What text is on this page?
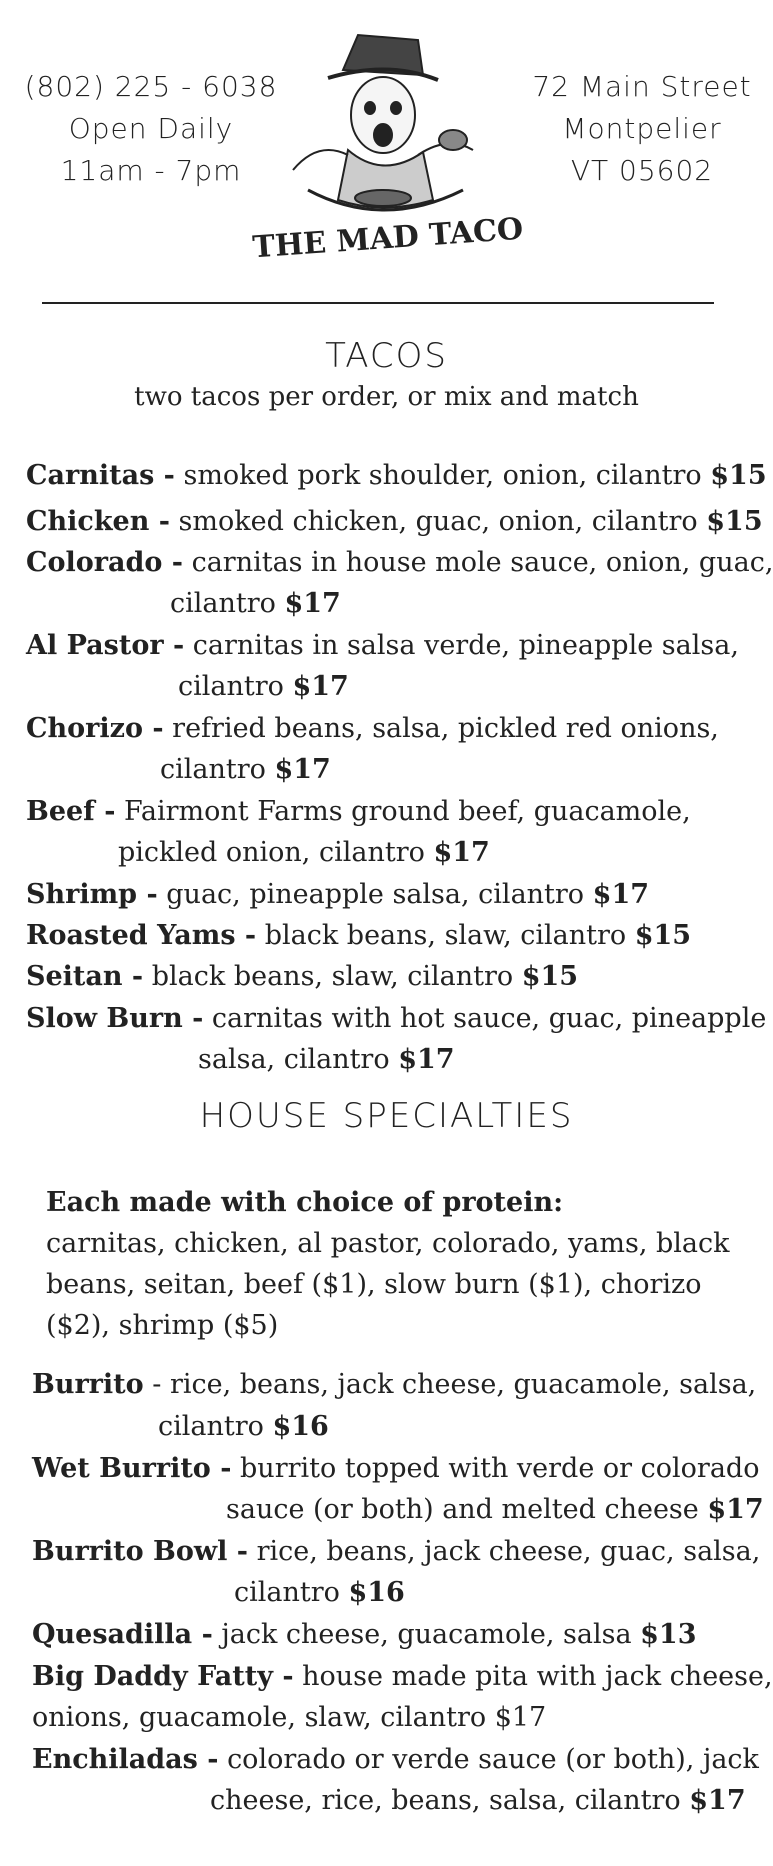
(802) 225 - 6038
Open Daily
11am - 7pm
THE MAD TACO
72 Main Street
Montpelier
VT 05602
TACOS
two tacos per order, or mix and match
Carnitas - smoked pork shoulder, onion, cilantro $15
Chicken - smoked chicken, guac, onion, cilantro $15
Colorado - carnitas in house mole sauce, onion, guac,
cilantro $17
Al Pastor - carnitas in salsa verde, pineapple salsa,
cilantro $17
Chorizo - refried beans, salsa, pickled red onions,
cilantro $17
Beef - Fairmont Farms ground beef, guacamole,
pickled onion, cilantro $17
Shrimp - guac, pineapple salsa, cilantro $17
Roasted Yams - black beans, slaw, cilantro $15
Seitan - black beans, slaw, cilantro $15
Slow Burn - carnitas with hot sauce, guac, pineapple
salsa, cilantro $17
HOUSE SPECIALTIES
Each made with choice of protein:
carnitas, chicken, al pastor, colorado, yams, black
beans, seitan, beef ($1), slow burn ($1), chorizo
($2), shrimp ($5)
Burrito - rice, beans, jack cheese, guacamole, salsa,
cilantro $16
Wet Burrito - burrito topped with verde or colorado
sauce (or both) and melted cheese $17
Burrito Bowl - rice, beans, jack cheese, guac, salsa,
cilantro $16
Quesadilla - jack cheese, guacamole, salsa $13
Big Daddy Fatty - house made pita with jack cheese,
onions, guacamole, slaw, cilantro $17
Enchiladas - colorado or verde sauce (or both), jack
cheese, rice, beans, salsa, cilantro $17
